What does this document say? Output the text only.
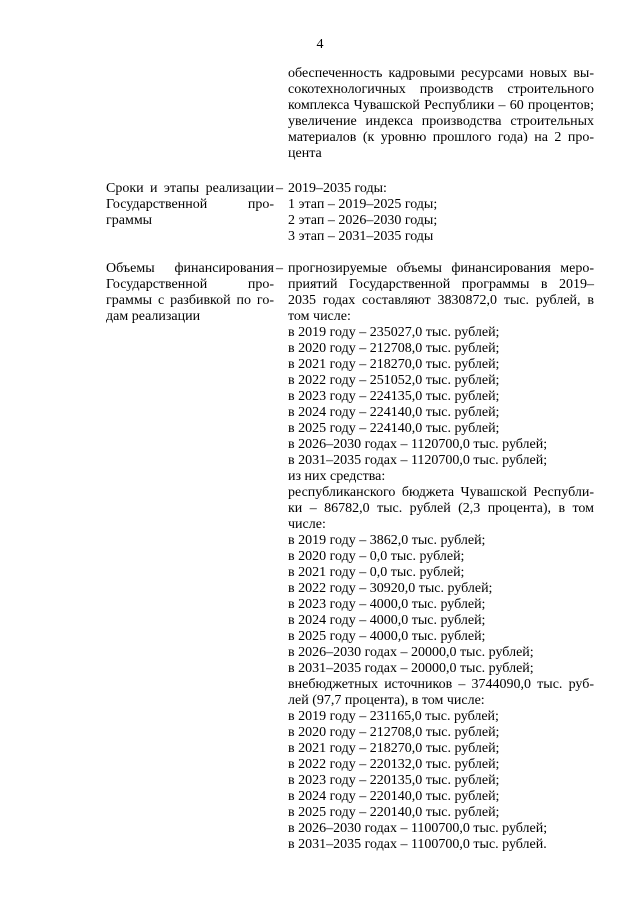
4
обеспеченность кадровыми ресурсами новых вы-
сокотехнологичных производств строительного
комплекса Чувашской Республики – 60 процентов;
увеличение индекса производства строительных
материалов (к уровню прошлого года) на 2 про-
цента
Сроки и этапы реализации
Государственной про-
граммы
– 2019–2035 годы:
1 этап – 2019–2025 годы;
2 этап – 2026–2030 годы;
3 этап – 2031–2035 годы
Объемы финансирования
Государственной про-
граммы с разбивкой по го-
дам реализации
– прогнозируемые объемы финансирования меро-
приятий Государственной программы в 2019–
2035 годах составляют 3830872,0 тыс. рублей, в
том числе:
в 2019 году – 235027,0 тыс. рублей;
в 2020 году – 212708,0 тыс. рублей;
в 2021 году – 218270,0 тыс. рублей;
в 2022 году – 251052,0 тыс. рублей;
в 2023 году – 224135,0 тыс. рублей;
в 2024 году – 224140,0 тыс. рублей;
в 2025 году – 224140,0 тыс. рублей;
в 2026–2030 годах – 1120700,0 тыс. рублей;
в 2031–2035 годах – 1120700,0 тыс. рублей;
из них средства:
республиканского бюджета Чувашской Республи-
ки – 86782,0 тыс. рублей (2,3 процента), в том
числе:
в 2019 году – 3862,0 тыс. рублей;
в 2020 году – 0,0 тыс. рублей;
в 2021 году – 0,0 тыс. рублей;
в 2022 году – 30920,0 тыс. рублей;
в 2023 году – 4000,0 тыс. рублей;
в 2024 году – 4000,0 тыс. рублей;
в 2025 году – 4000,0 тыс. рублей;
в 2026–2030 годах – 20000,0 тыс. рублей;
в 2031–2035 годах – 20000,0 тыс. рублей;
внебюджетных источников – 3744090,0 тыс. руб-
лей (97,7 процента), в том числе:
в 2019 году – 231165,0 тыс. рублей;
в 2020 году – 212708,0 тыс. рублей;
в 2021 году – 218270,0 тыс. рублей;
в 2022 году – 220132,0 тыс. рублей;
в 2023 году – 220135,0 тыс. рублей;
в 2024 году – 220140,0 тыс. рублей;
в 2025 году – 220140,0 тыс. рублей;
в 2026–2030 годах – 1100700,0 тыс. рублей;
в 2031–2035 годах – 1100700,0 тыс. рублей.
